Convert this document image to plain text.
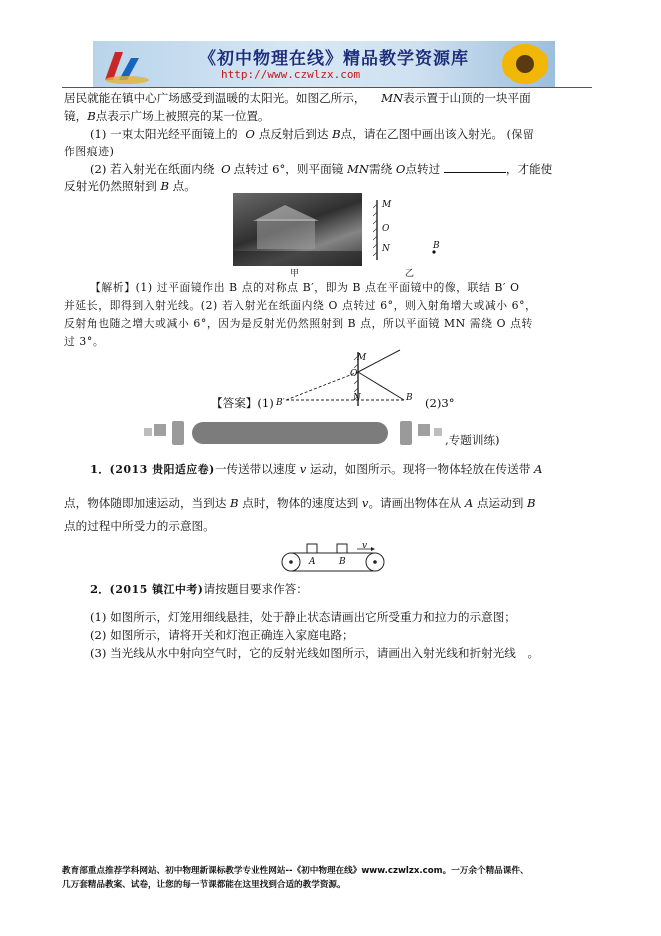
《初中物理在线》精品教学资源库
http://www.czwlzx.com
居民就能在镇中心广场感受到温暖的太阳光。如图乙所示， MN表示置于山顶的一块平面
镜，B点表示广场上被照亮的某一位置。
(1) 一束太阳光经平面镜上的 O 点反射后到达 B点，请在乙图中画出该入射光。 (保留
作图痕迹)
(2) 若入射光在纸面内绕 O 点转过 6°，则平面镜 MN需绕 O点转过	，才能使
反射光仍然照射到 B 点。
M
O
N	B
甲	乙
【解析】(1) 过平面镜作出 B 点的对称点 B′，即为 B 点在平面镜中的像，联结 B′ O
并延长，即得到入射光线。(2) 若入射光在纸面内绕 O 点转过 6°，则入射角增大或减小 6°，
反射角也随之增大或减小 6°，因为是反射光仍然照射到 B 点，所以平面镜 MN 需绕 O 点转
过 3°。
M
O
N	B
B′
【答案】(1)	(2)3°
,专题训练)
1．(2013 贵阳适应卷)一传送带以速度 v 运动，如图所示。现将一物体轻放在传送带 A
点，物体随即加速运动，当到达 B 点时，物体的速度达到 v。请画出物体在从 A 点运动到 B
点的过程中所受力的示意图。
A	B
v
2．(2015 镇江中考)请按题目要求作答：
(1) 如图所示，灯笼用细线悬挂，处于静止状态请画出它所受重力和拉力的示意图；
(2) 如图所示，请将开关和灯泡正确连入家庭电路；
(3) 当光线从水中射向空气时，它的反射光线如图所示，请画出入射光线和折射光线　。
教育部重点推荐学科网站、初中物理新课标教学专业性网站--《初中物理在线》www.czwlzx.com。一万余个精品课件、
几万套精品教案、试卷，让您的每一节课都能在这里找到合适的教学资源。
